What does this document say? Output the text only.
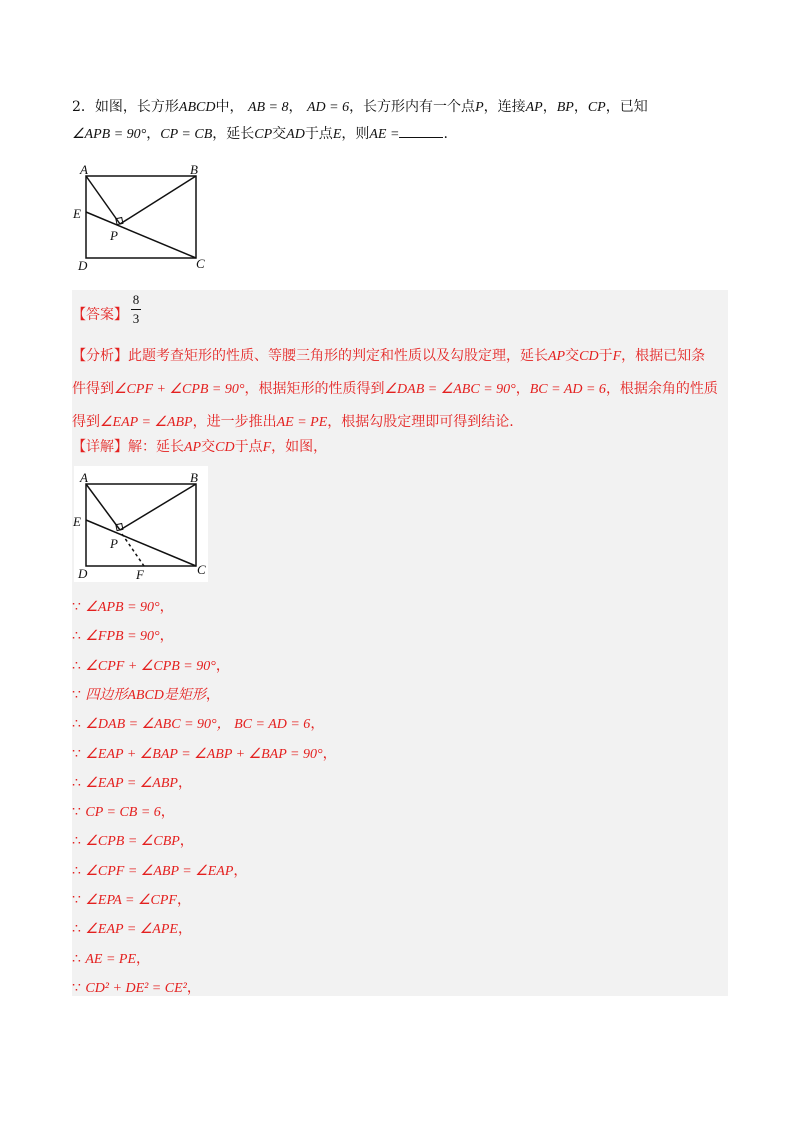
2．如图，长方形ABCD中， AB = 8， AD = 6，长方形内有一个点P，连接AP，BP，CP，已知
∠APB = 90°，CP = CB，延长CP交AD于点E，则AE =	.
A	B
C
D
E
P
【答案】
8
3
【分析】此题考查矩形的性质、等腰三角形的判定和性质以及勾股定理，延长AP交CD于F，根据已知条
件得到∠CPF + ∠CPB = 90°，根据矩形的性质得到∠DAB = ∠ABC = 90°，BC = AD = 6，根据余角的性质
得到∠EAP = ∠ABP，进一步推出AE = PE，根据勾股定理即可得到结论.
【详解】解：延长AP交CD于点F，如图，
A	B
C
D
E
P
F
∵ ∠APB = 90°，
∴ ∠FPB = 90°，
∴ ∠CPF + ∠CPB = 90°，
∵ 四边形ABCD是矩形，
∴ ∠DAB = ∠ABC = 90°， BC = AD = 6，
∵ ∠EAP + ∠BAP = ∠ABP + ∠BAP = 90°，
∴ ∠EAP = ∠ABP，
∵ CP = CB = 6，
∴ ∠CPB = ∠CBP，
∴ ∠CPF = ∠ABP = ∠EAP，
∵ ∠EPA = ∠CPF，
∴ ∠EAP = ∠APE，
∴ AE = PE，
∵ CD² + DE² = CE²，
